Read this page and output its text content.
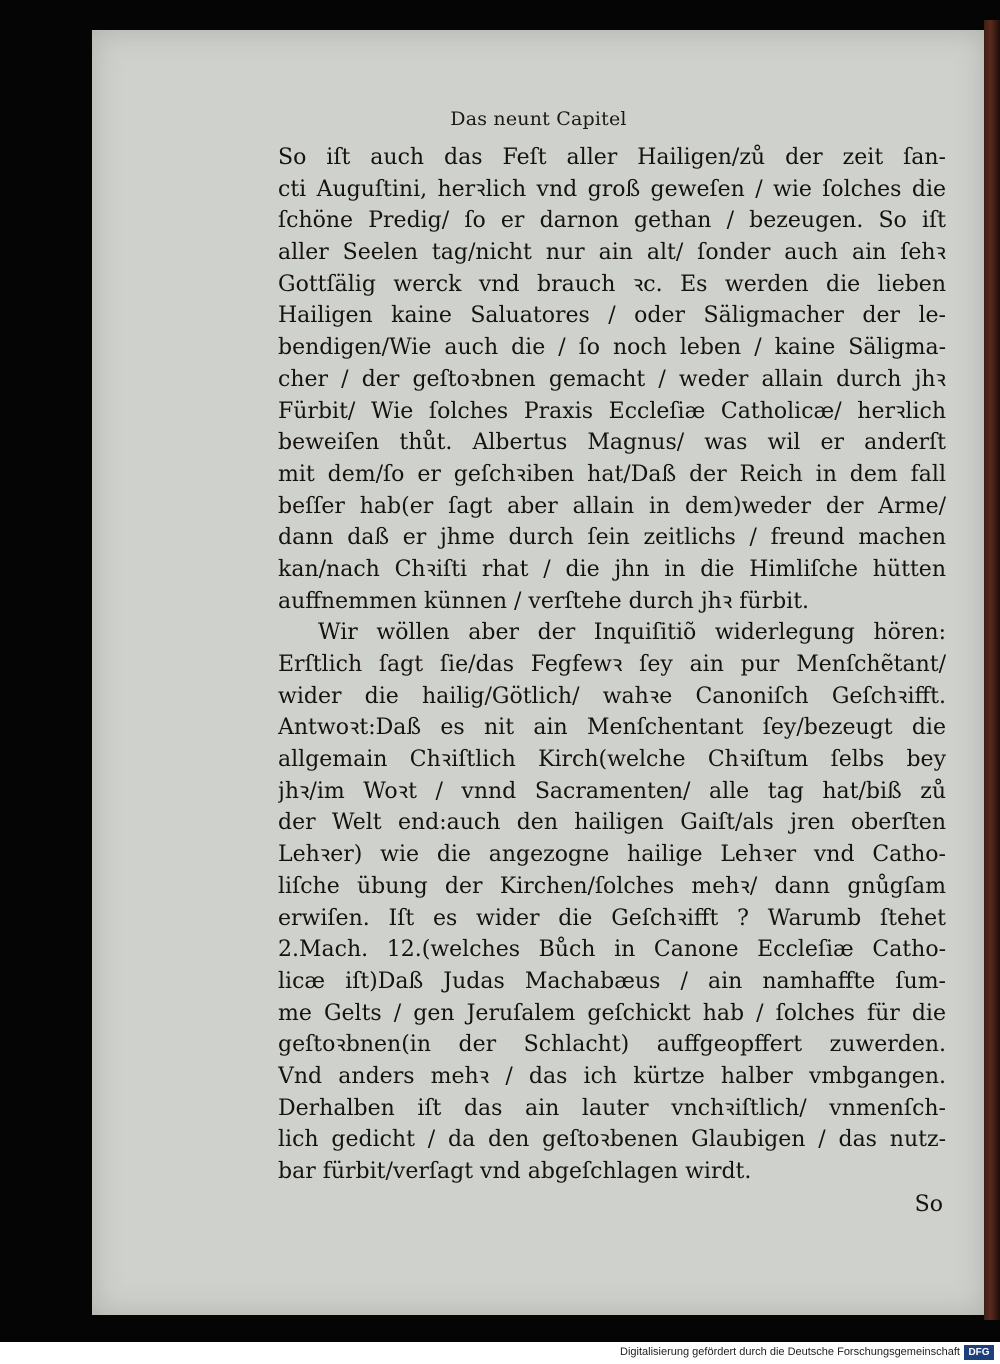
Das neunt Capitel
So iſt auch das Feſt aller Hailigen/zů der zeit ſan-
cti Auguſtini, herꝛlich vnd groß geweſen / wie ſolches die
ſchöne Predig/ ſo er darnon gethan / bezeugen. So iſt
aller Seelen tag/nicht nur ain alt/ ſonder auch ain ſehꝛ
Gottſälig werck vnd brauch ꝛc. Es werden die lieben
Hailigen kaine Saluatores / oder Säligmacher der le-
bendigen/Wie auch die / ſo noch leben / kaine Säligma-
cher / der geſtoꝛbnen gemacht / weder allain durch jhꝛ
Fürbit/ Wie ſolches Praxis Eccleſiæ Catholicæ/ herꝛlich
beweiſen thůt. Albertus Magnus/ was wil er anderſt
mit dem/ſo er geſchꝛiben hat/Daß der Reich in dem fall
beſſer hab(er ſagt aber allain in dem)weder der Arme/
dann daß er jhme durch ſein zeitlichs / freund machen
kan/nach Chꝛiſti rhat / die jhn in die Himliſche hütten
auffnemmen künnen / verſtehe durch jhꝛ fürbit.
Wir wöllen aber der Inquiſitiõ widerlegung hören:
Erſtlich ſagt ſie/das Fegfewꝛ ſey ain pur Menſchẽtant/
wider die hailig/Götlich/ wahꝛe Canoniſch Geſchꝛifft.
Antwoꝛt:Daß es nit ain Menſchentant ſey/bezeugt die
allgemain Chꝛiſtlich Kirch(welche Chꝛiſtum ſelbs bey
jhꝛ/im Woꝛt / vnnd Sacramenten/ alle tag hat/biß zů
der Welt end:auch den hailigen Gaiſt/als jren oberſten
Lehꝛer) wie die angezogne hailige Lehꝛer vnd Catho-
liſche übung der Kirchen/ſolches mehꝛ/ dann gnůgſam
erwiſen. Iſt es wider die Geſchꝛifft ? Warumb ſtehet
2.Mach. 12.(welches Bůch in Canone Eccleſiæ Catho-
licæ iſt)Daß Judas Machabæus / ain namhaffte ſum-
me Gelts / gen Jeruſalem geſchickt hab / ſolches für die
geſtoꝛbnen(in der Schlacht) auffgeopffert zuwerden.
Vnd anders mehꝛ / das ich kürtze halber vmbgangen.
Derhalben iſt das ain lauter vnchꝛiſtlich/ vnmenſch-
lich gedicht / da den geſtoꝛbenen Glaubigen / das nutz-
bar fürbit/verſagt vnd abgeſchlagen wirdt.
So
Digitalisierung gefördert durch die Deutsche Forschungsgemeinschaft DFG
